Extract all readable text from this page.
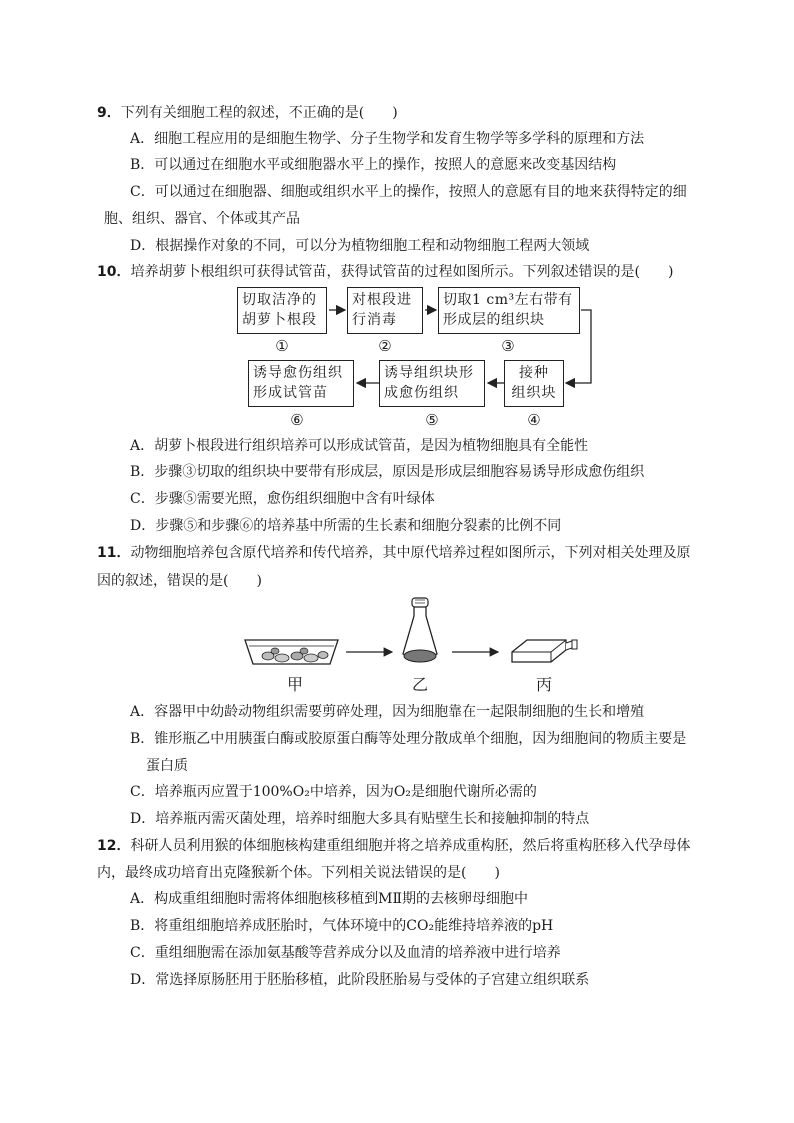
9．下列有关细胞工程的叙述，不正确的是(　　)
A．细胞工程应用的是细胞生物学、分子生物学和发育生物学等多学科的原理和方法
B．可以通过在细胞水平或细胞器水平上的操作，按照人的意愿来改变基因结构
C．可以通过在细胞器、细胞或组织水平上的操作，按照人的意愿有目的地来获得特定的细
胞、组织、器官、个体或其产品
D．根据操作对象的不同，可以分为植物细胞工程和动物细胞工程两大领域
10．培养胡萝卜根组织可获得试管苗，获得试管苗的过程如图所示。下列叙述错误的是(　　)
切取洁净的
胡萝卜根段
①
对根段进
行消毒
②
切取1 cm³左右带有
形成层的组织块
③
接种
组织块
④
诱导组织块形
成愈伤组织
⑤
诱导愈伤组织
形成试管苗
⑥
A．胡萝卜根段进行组织培养可以形成试管苗，是因为植物细胞具有全能性
B．步骤③切取的组织块中要带有形成层，原因是形成层细胞容易诱导形成愈伤组织
C．步骤⑤需要光照，愈伤组织细胞中含有叶绿体
D．步骤⑤和步骤⑥的培养基中所需的生长素和细胞分裂素的比例不同
11．动物细胞培养包含原代培养和传代培养，其中原代培养过程如图所示，下列对相关处理及原
因的叙述，错误的是(　　)
甲	乙	丙
A．容器甲中幼龄动物组织需要剪碎处理，因为细胞靠在一起限制细胞的生长和增殖
B．锥形瓶乙中用胰蛋白酶或胶原蛋白酶等处理分散成单个细胞，因为细胞间的物质主要是
蛋白质
C．培养瓶丙应置于100%O₂中培养，因为O₂是细胞代谢所必需的
D．培养瓶丙需灭菌处理，培养时细胞大多具有贴壁生长和接触抑制的特点
12．科研人员利用猴的体细胞核构建重组细胞并将之培养成重构胚，然后将重构胚移入代孕母体
内，最终成功培育出克隆猴新个体。下列相关说法错误的是(　　)
A．构成重组细胞时需将体细胞核移植到MⅡ期的去核卵母细胞中
B．将重组细胞培养成胚胎时，气体环境中的CO₂能维持培养液的pH
C．重组细胞需在添加氨基酸等营养成分以及血清的培养液中进行培养
D．常选择原肠胚用于胚胎移植，此阶段胚胎易与受体的子宫建立组织联系
